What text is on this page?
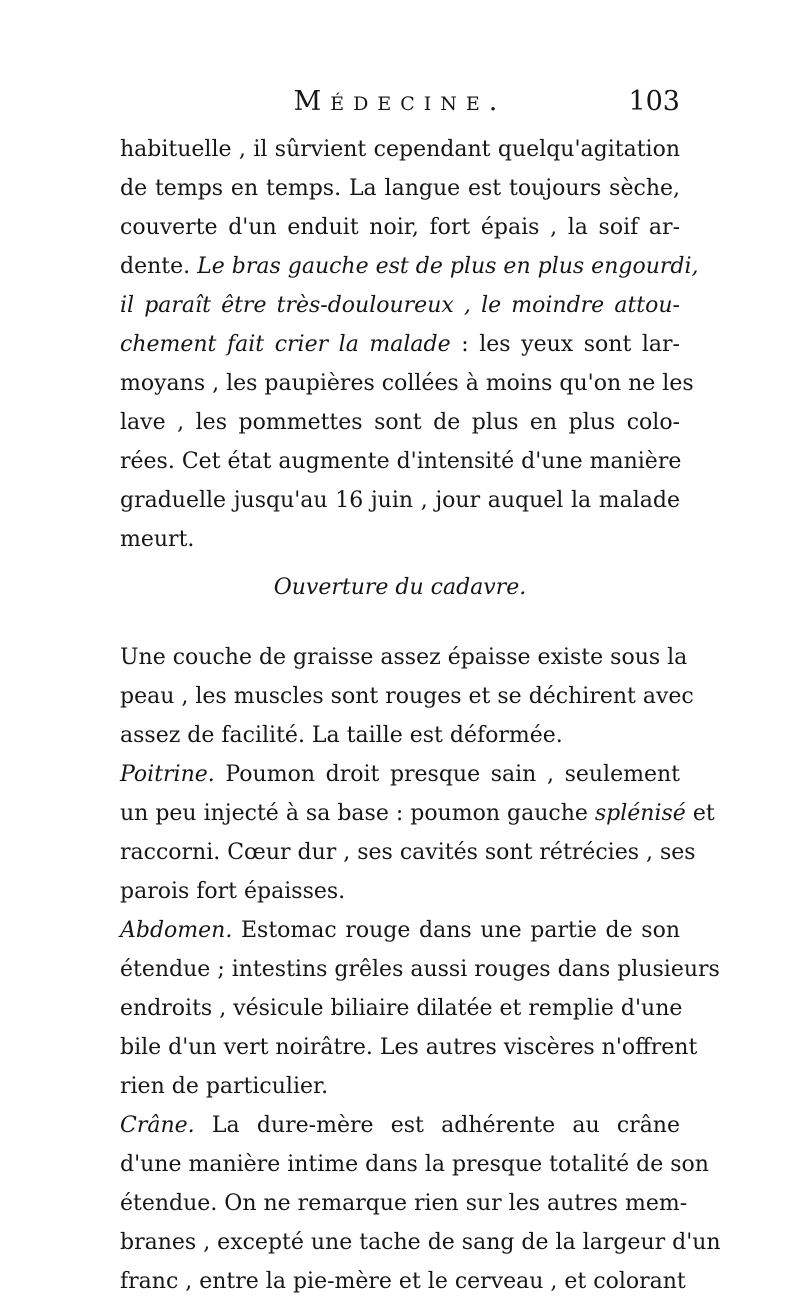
Médecine.	103
habituelle , il sûrvient cependant quelqu'agitation
de temps en temps. La langue est toujours sèche,
couverte d'un enduit noir, fort épais , la soif ar-
dente. Le bras gauche est de plus en plus engourdi,
il paraît être très-douloureux , le moindre attou-
chement fait crier la malade : les yeux sont lar-
moyans , les paupières collées à moins qu'on ne les
lave , les pommettes sont de plus en plus colo-
rées. Cet état augmente d'intensité d'une manière
graduelle jusqu'au 16 juin , jour auquel la malade
meurt.
Ouverture du cadavre.
Une couche de graisse assez épaisse existe sous la
peau , les muscles sont rouges et se déchirent avec
assez de facilité. La taille est déformée.
Poitrine. Poumon droit presque sain , seulement
un peu injecté à sa base : poumon gauche splénisé et
raccorni. Cœur dur , ses cavités sont rétrécies , ses
parois fort épaisses.
Abdomen. Estomac rouge dans une partie de son
étendue ; intestins grêles aussi rouges dans plusieurs
endroits , vésicule biliaire dilatée et remplie d'une
bile d'un vert noirâtre. Les autres viscères n'offrent
rien de particulier.
Crâne. La dure-mère est adhérente au crâne
d'une manière intime dans la presque totalité de son
étendue. On ne remarque rien sur les autres mem-
branes , excepté une tache de sang de la largeur d'un
franc , entre la pie-mère et le cerveau , et colorant
